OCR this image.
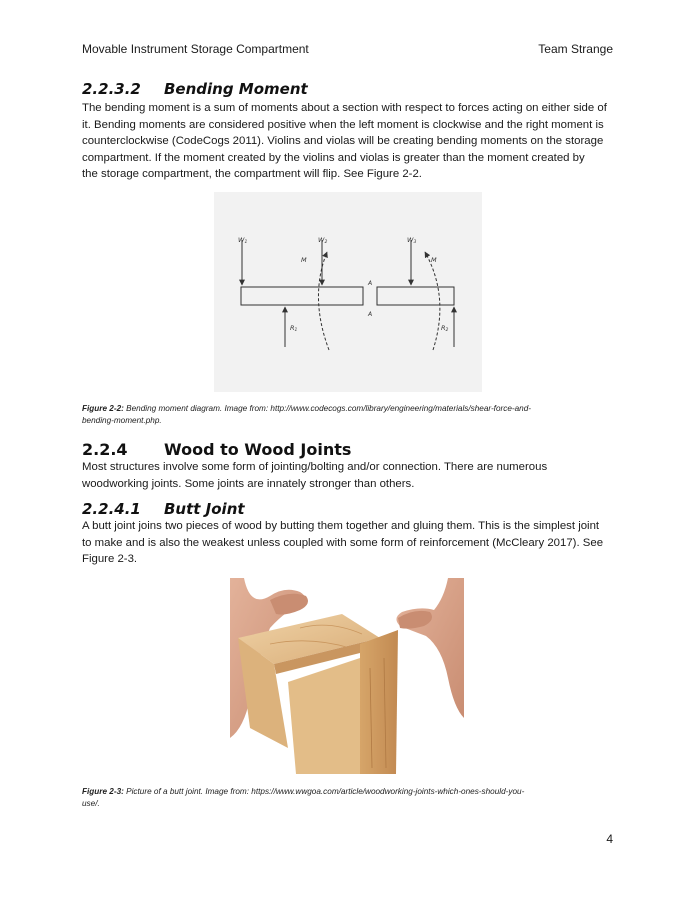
Movable Instrument Storage Compartment	Team Strange
2.2.3.2 Bending Moment
The bending moment is a sum of moments about a section with respect to forces acting on either side of
it. Bending moments are considered positive when the left moment is clockwise and the right moment is
counterclockwise (CodeCogs 2011). Violins and violas will be creating bending moments on the storage
compartment. If the moment created by the violins and violas is greater than the moment created by
the storage compartment, the compartment will flip. See Figure 2-2.
W1	W2	W3
R1	R2
M	M
A
A
Figure 2-2: Bending moment diagram. Image from: http://www.codecogs.com/library/engineering/materials/shear-force-and-
bending-moment.php.
2.2.4 Wood to Wood Joints
Most structures involve some form of jointing/bolting and/or connection. There are numerous
woodworking joints. Some joints are innately stronger than others.
2.2.4.1 Butt Joint
A butt joint joins two pieces of wood by butting them together and gluing them. This is the simplest joint
to make and is also the weakest unless coupled with some form of reinforcement (McCleary 2017). See
Figure 2-3.
Figure 2-3: Picture of a butt joint. Image from: https://www.wwgoa.com/article/woodworking-joints-which-ones-should-you-
use/.
4
